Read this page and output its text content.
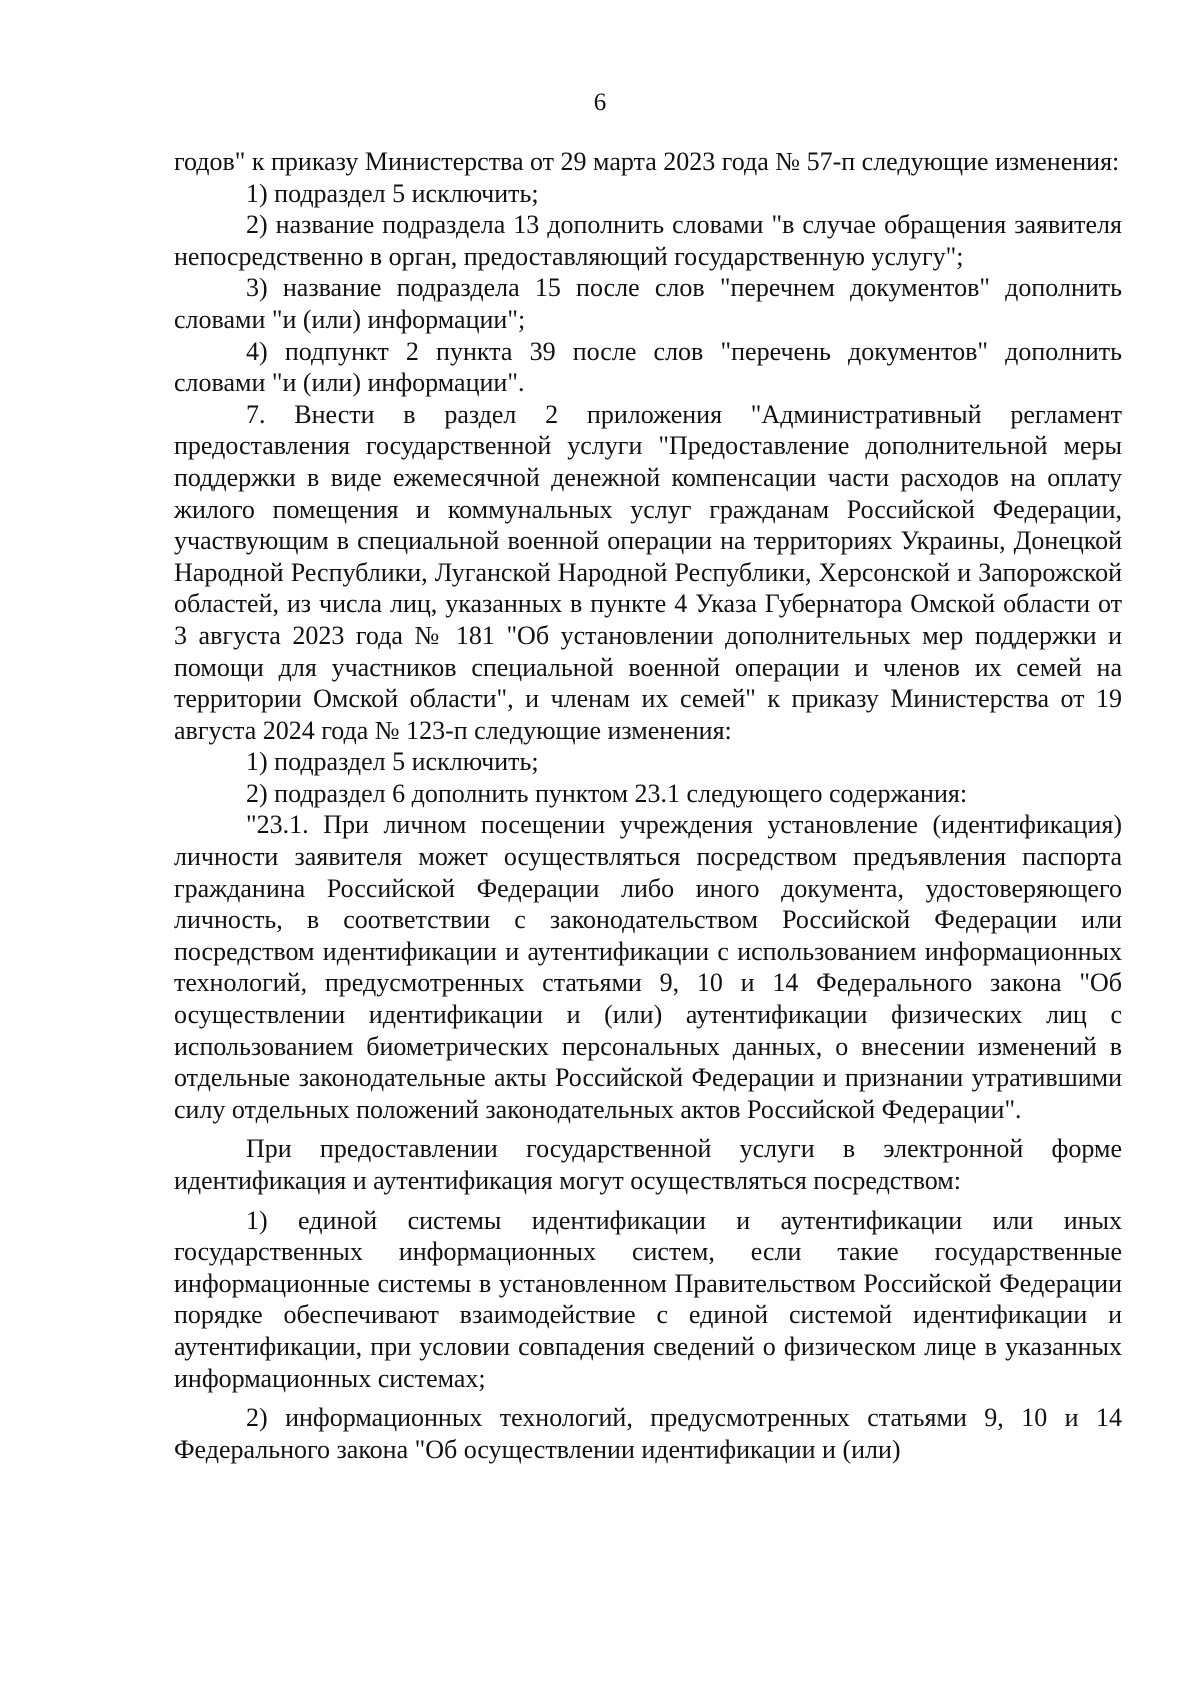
6

годов" к приказу Министерства от 29 марта 2023 года № 57-п следующие изменения:

1) подраздел 5 исключить;

2) название подраздела 13 дополнить словами "в случае обращения заявителя непосредственно в орган, предоставляющий государственную услугу";

3) название подраздела 15 после слов "перечнем документов" дополнить словами "и (или) информации";

4) подпункт 2 пункта 39 после слов "перечень документов" дополнить словами "и (или) информации".

7. Внести в раздел 2 приложения "Административный регламент предоставления государственной услуги "Предоставление дополнительной меры поддержки в виде ежемесячной денежной компенсации части расходов на оплату жилого помещения и коммунальных услуг гражданам Российской Федерации, участвующим в специальной военной операции на территориях Украины, Донецкой Народной Республики, Луганской Народной Республики, Херсонской и Запорожской областей, из числа лиц, указанных в пункте 4 Указа Губернатора Омской области от 3 августа 2023 года № 181 "Об установлении дополнительных мер поддержки и помощи для участников специальной военной операции и членов их семей на территории Омской области", и членам их семей" к приказу Министерства от 19 августа 2024 года № 123-п следующие изменения:

1) подраздел 5 исключить;

2) подраздел 6 дополнить пунктом 23.1 следующего содержания:

"23.1. При личном посещении учреждения установление (идентификация) личности заявителя может осуществляться посредством предъявления паспорта гражданина Российской Федерации либо иного документа, удостоверяющего личность, в соответствии с законодательством Российской Федерации или посредством идентификации и аутентификации с использованием информационных технологий, предусмотренных статьями 9, 10 и 14 Федерального закона "Об осуществлении идентификации и (или) аутентификации физических лиц с использованием биометрических персональных данных, о внесении изменений в отдельные законодательные акты Российской Федерации и признании утратившими силу отдельных положений законодательных актов Российской Федерации".

При предоставлении государственной услуги в электронной форме идентификация и аутентификация могут осуществляться посредством:

1) единой системы идентификации и аутентификации или иных государственных информационных систем, если такие государственные информационные системы в установленном Правительством Российской Федерации порядке обеспечивают взаимодействие с единой системой идентификации и аутентификации, при условии совпадения сведений о физическом лице в указанных информационных системах;

2) информационных технологий, предусмотренных статьями 9, 10 и 14 Федерального закона "Об осуществлении идентификации и (или)
